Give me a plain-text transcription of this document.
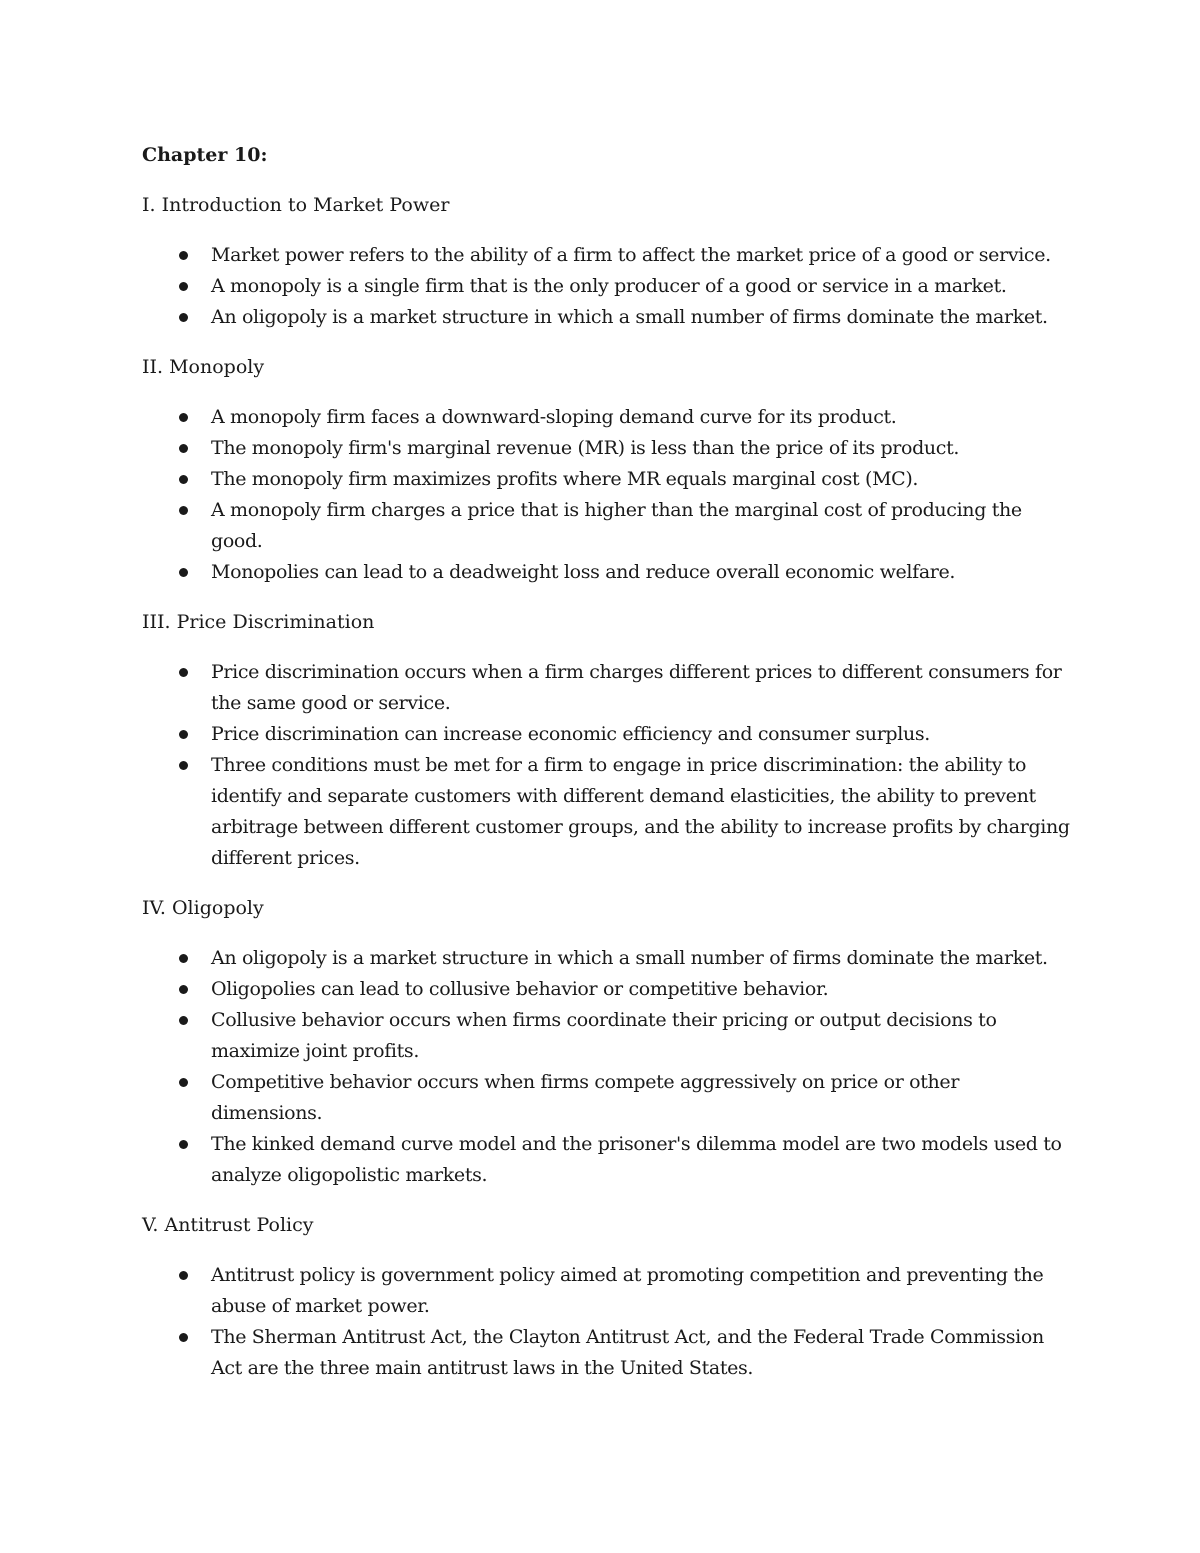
Chapter 10:
I. Introduction to Market Power
Market power refers to the ability of a firm to affect the market price of a good or service.
A monopoly is a single firm that is the only producer of a good or service in a market.
An oligopoly is a market structure in which a small number of firms dominate the market.
II. Monopoly
A monopoly firm faces a downward-sloping demand curve for its product.
The monopoly firm's marginal revenue (MR) is less than the price of its product.
The monopoly firm maximizes profits where MR equals marginal cost (MC).
A monopoly firm charges a price that is higher than the marginal cost of producing the good.
Monopolies can lead to a deadweight loss and reduce overall economic welfare.
III. Price Discrimination
Price discrimination occurs when a firm charges different prices to different consumers for the same good or service.
Price discrimination can increase economic efficiency and consumer surplus.
Three conditions must be met for a firm to engage in price discrimination: the ability to identify and separate customers with different demand elasticities, the ability to prevent arbitrage between different customer groups, and the ability to increase profits by charging different prices.
IV. Oligopoly
An oligopoly is a market structure in which a small number of firms dominate the market.
Oligopolies can lead to collusive behavior or competitive behavior.
Collusive behavior occurs when firms coordinate their pricing or output decisions to maximize joint profits.
Competitive behavior occurs when firms compete aggressively on price or other dimensions.
The kinked demand curve model and the prisoner's dilemma model are two models used to analyze oligopolistic markets.
V. Antitrust Policy
Antitrust policy is government policy aimed at promoting competition and preventing the abuse of market power.
The Sherman Antitrust Act, the Clayton Antitrust Act, and the Federal Trade Commission Act are the three main antitrust laws in the United States.
